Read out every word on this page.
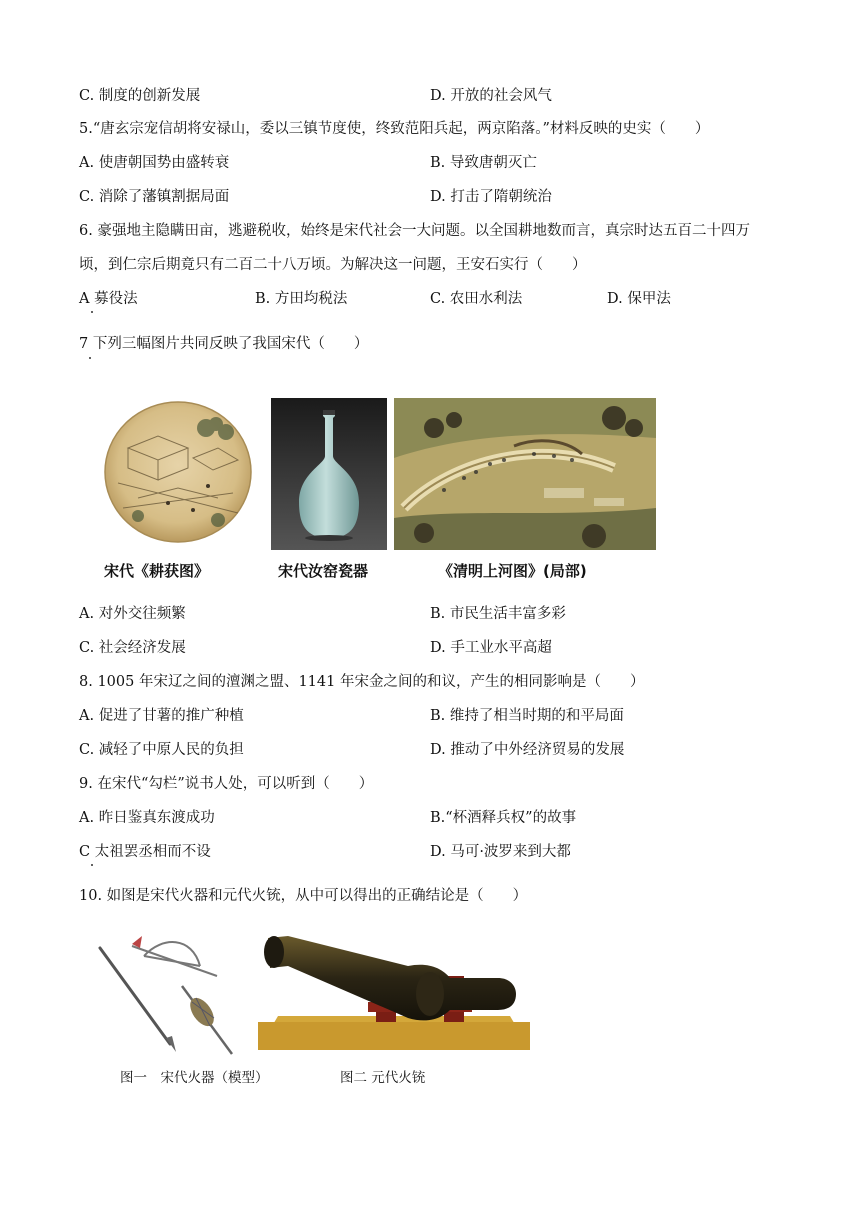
C. 制度的创新发展	D. 开放的社会风气
5.“唐玄宗宠信胡将安禄山，委以三镇节度使，终致范阳兵起，两京陷落。”材料反映的史实（　　）
A. 使唐朝国势由盛转衰	B. 导致唐朝灭亡
C. 消除了藩镇割据局面	D. 打击了隋朝统治
6. 豪强地主隐瞒田亩，逃避税收，始终是宋代社会一大问题。以全国耕地数而言，真宗时达五百二十四万
顷，到仁宗后期竟只有二百二十八万顷。为解决这一问题，王安石实行（　　）
A 募役法	B. 方田均税法	C. 农田水利法	D. 保甲法
7 下列三幅图片共同反映了我国宋代（　　）
宋代《耕获图》	宋代汝窑瓷器	《清明上河图》(局部)
A. 对外交往频繁	B. 市民生活丰富多彩
C. 社会经济发展	D. 手工业水平高超
8. 1005 年宋辽之间的澶渊之盟、1141 年宋金之间的和议，产生的相同影响是（　　）
A. 促进了甘薯的推广种植	B. 维持了相当时期的和平局面
C. 减轻了中原人民的负担	D. 推动了中外经济贸易的发展
9. 在宋代“勾栏”说书人处，可以听到（　　）
A. 昨日鉴真东渡成功	B.“杯酒释兵权”的故事
C 太祖罢丞相而不设	D. 马可·波罗来到大都
10. 如图是宋代火器和元代火铳，从中可以得出的正确结论是（　　）
图一　宋代火器（模型）	图二 元代火铳
